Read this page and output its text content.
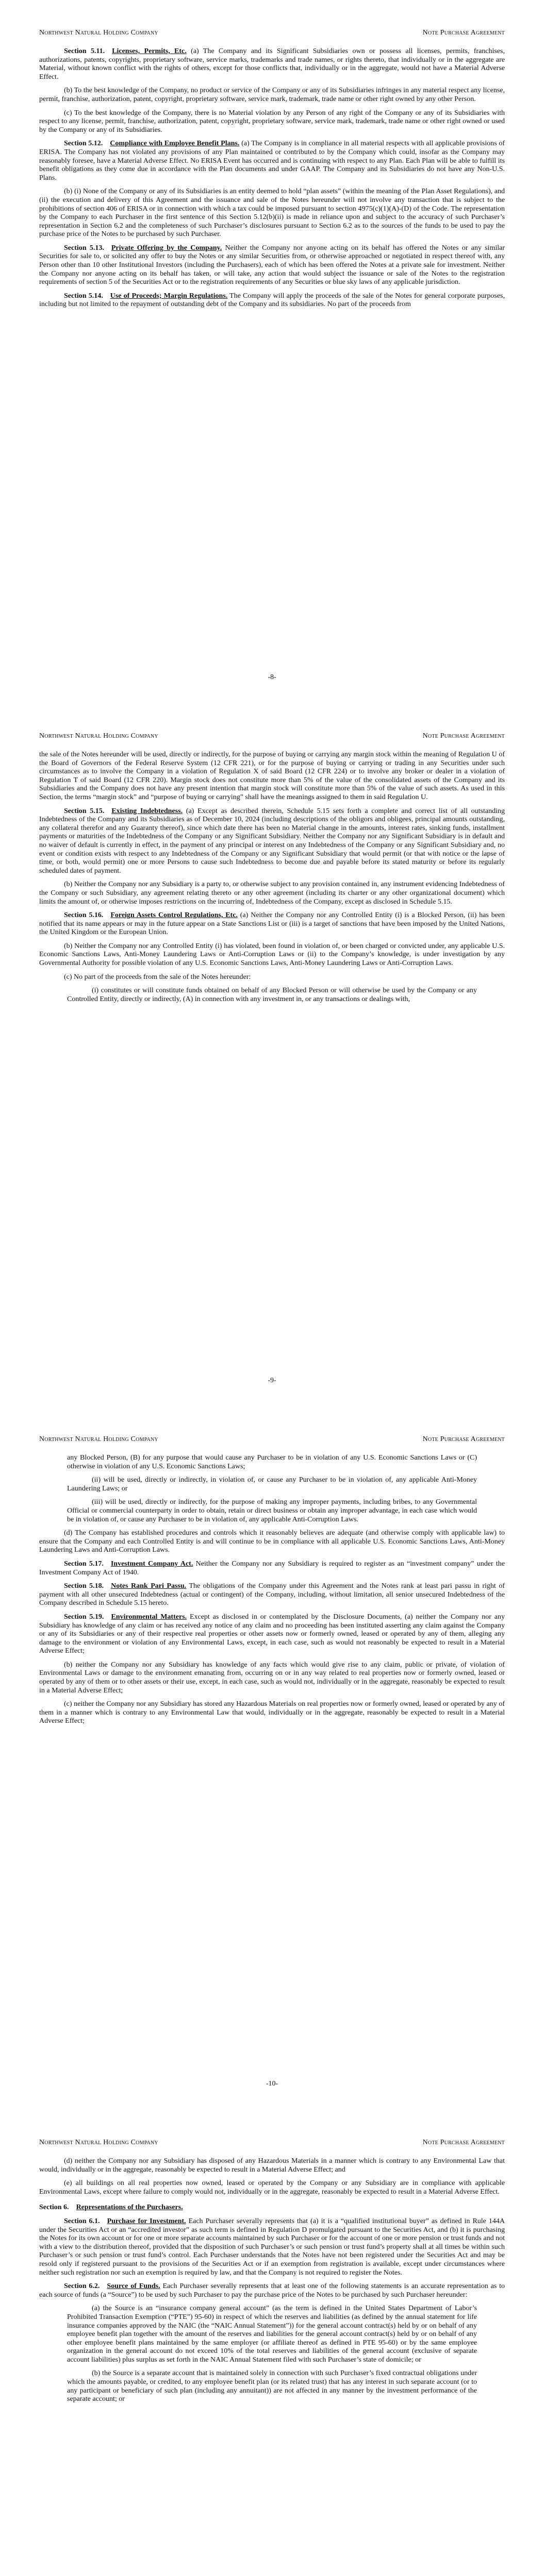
Northwest Natural Holding Company	Note Purchase Agreement

Section 5.11.  Licenses, Permits, Etc. (a) The Company and its Significant Subsidiaries own or possess all licenses, permits, franchises, authorizations, patents, copyrights, proprietary software, service marks, trademarks and trade names, or rights thereto, that individually or in the aggregate are Material, without known conflict with the rights of others, except for those conflicts that, individually or in the aggregate, would not have a Material Adverse Effect.

(b) To the best knowledge of the Company, no product or service of the Company or any of its Subsidiaries infringes in any material respect any license, permit, franchise, authorization, patent, copyright, proprietary software, service mark, trademark, trade name or other right owned by any other Person.

(c) To the best knowledge of the Company, there is no Material violation by any Person of any right of the Company or any of its Subsidiaries with respect to any license, permit, franchise, authorization, patent, copyright, proprietary software, service mark, trademark, trade name or other right owned or used by the Company or any of its Subsidiaries.

Section 5.12.  Compliance with Employee Benefit Plans. (a) The Company is in compliance in all material respects with all applicable provisions of ERISA. The Company has not violated any provisions of any Plan maintained or contributed to by the Company which could, insofar as the Company may reasonably foresee, have a Material Adverse Effect. No ERISA Event has occurred and is continuing with respect to any Plan. Each Plan will be able to fulfill its benefit obligations as they come due in accordance with the Plan documents and under GAAP. The Company and its Subsidiaries do not have any Non-U.S. Plans.

(b) (i) None of the Company or any of its Subsidiaries is an entity deemed to hold “plan assets” (within the meaning of the Plan Asset Regulations), and (ii) the execution and delivery of this Agreement and the issuance and sale of the Notes hereunder will not involve any transaction that is subject to the prohibitions of section 406 of ERISA or in connection with which a tax could be imposed pursuant to section 4975(c)(1)(A)-(D) of the Code. The representation by the Company to each Purchaser in the first sentence of this Section 5.12(b)(ii) is made in reliance upon and subject to the accuracy of such Purchaser’s representation in Section 6.2 and the completeness of such Purchaser’s disclosures pursuant to Section 6.2 as to the sources of the funds to be used to pay the purchase price of the Notes to be purchased by such Purchaser.

Section 5.13.  Private Offering by the Company. Neither the Company nor anyone acting on its behalf has offered the Notes or any similar Securities for sale to, or solicited any offer to buy the Notes or any similar Securities from, or otherwise approached or negotiated in respect thereof with, any Person other than 10 other Institutional Investors (including the Purchasers), each of which has been offered the Notes at a private sale for investment. Neither the Company nor anyone acting on its behalf has taken, or will take, any action that would subject the issuance or sale of the Notes to the registration requirements of section 5 of the Securities Act or to the registration requirements of any Securities or blue sky laws of any applicable jurisdiction.

Section 5.14.  Use of Proceeds; Margin Regulations. The Company will apply the proceeds of the sale of the Notes for general corporate purposes, including but not limited to the repayment of outstanding debt of the Company and its subsidiaries. No part of the proceeds from

-8-
Northwest Natural Holding Company	Note Purchase Agreement

the sale of the Notes hereunder will be used, directly or indirectly, for the purpose of buying or carrying any margin stock within the meaning of Regulation U of the Board of Governors of the Federal Reserve System (12 CFR 221), or for the purpose of buying or carrying or trading in any Securities under such circumstances as to involve the Company in a violation of Regulation X of said Board (12 CFR 224) or to involve any broker or dealer in a violation of Regulation T of said Board (12 CFR 220). Margin stock does not constitute more than 5% of the value of the consolidated assets of the Company and its Subsidiaries and the Company does not have any present intention that margin stock will constitute more than 5% of the value of such assets. As used in this Section, the terms “margin stock” and “purpose of buying or carrying” shall have the meanings assigned to them in said Regulation U.

Section 5.15.  Existing Indebtedness. (a) Except as described therein, Schedule 5.15 sets forth a complete and correct list of all outstanding Indebtedness of the Company and its Subsidiaries as of December 10, 2024 (including descriptions of the obligors and obligees, principal amounts outstanding, any collateral therefor and any Guaranty thereof), since which date there has been no Material change in the amounts, interest rates, sinking funds, installment payments or maturities of the Indebtedness of the Company or any Significant Subsidiary. Neither the Company nor any Significant Subsidiary is in default and no waiver of default is currently in effect, in the payment of any principal or interest on any Indebtedness of the Company or any Significant Subsidiary and, no event or condition exists with respect to any Indebtedness of the Company or any Significant Subsidiary that would permit (or that with notice or the lapse of time, or both, would permit) one or more Persons to cause such Indebtedness to become due and payable before its stated maturity or before its regularly scheduled dates of payment.

(b) Neither the Company nor any Subsidiary is a party to, or otherwise subject to any provision contained in, any instrument evidencing Indebtedness of the Company or such Subsidiary, any agreement relating thereto or any other agreement (including its charter or any other organizational document) which limits the amount of, or otherwise imposes restrictions on the incurring of, Indebtedness of the Company, except as disclosed in Schedule 5.15.

Section 5.16.  Foreign Assets Control Regulations, Etc. (a) Neither the Company nor any Controlled Entity (i) is a Blocked Person, (ii) has been notified that its name appears or may in the future appear on a State Sanctions List or (iii) is a target of sanctions that have been imposed by the United Nations, the United Kingdom or the European Union.

(b) Neither the Company nor any Controlled Entity (i) has violated, been found in violation of, or been charged or convicted under, any applicable U.S. Economic Sanctions Laws, Anti-Money Laundering Laws or Anti-Corruption Laws or (ii) to the Company’s knowledge, is under investigation by any Governmental Authority for possible violation of any U.S. Economic Sanctions Laws, Anti-Money Laundering Laws or Anti-Corruption Laws.

(c) No part of the proceeds from the sale of the Notes hereunder:

(i) constitutes or will constitute funds obtained on behalf of any Blocked Person or will otherwise be used by the Company or any Controlled Entity, directly or indirectly, (A) in connection with any investment in, or any transactions or dealings with,

-9-
Northwest Natural Holding Company	Note Purchase Agreement

any Blocked Person, (B) for any purpose that would cause any Purchaser to be in violation of any U.S. Economic Sanctions Laws or (C) otherwise in violation of any U.S. Economic Sanctions Laws;

(ii) will be used, directly or indirectly, in violation of, or cause any Purchaser to be in violation of, any applicable Anti-Money Laundering Laws; or

(iii) will be used, directly or indirectly, for the purpose of making any improper payments, including bribes, to any Governmental Official or commercial counterparty in order to obtain, retain or direct business or obtain any improper advantage, in each case which would be in violation of, or cause any Purchaser to be in violation of, any applicable Anti-Corruption Laws.

(d) The Company has established procedures and controls which it reasonably believes are adequate (and otherwise comply with applicable law) to ensure that the Company and each Controlled Entity is and will continue to be in compliance with all applicable U.S. Economic Sanctions Laws, Anti-Money Laundering Laws and Anti-Corruption Laws.

Section 5.17.  Investment Company Act. Neither the Company nor any Subsidiary is required to register as an “investment company” under the Investment Company Act of 1940.

Section 5.18.  Notes Rank Pari Passu. The obligations of the Company under this Agreement and the Notes rank at least pari passu in right of payment with all other unsecured Indebtedness (actual or contingent) of the Company, including, without limitation, all senior unsecured Indebtedness of the Company described in Schedule 5.15 hereto.

Section 5.19.  Environmental Matters. Except as disclosed in or contemplated by the Disclosure Documents, (a) neither the Company nor any Subsidiary has knowledge of any claim or has received any notice of any claim and no proceeding has been instituted asserting any claim against the Company or any of its Subsidiaries or any of their respective real properties or other assets now or formerly owned, leased or operated by any of them, alleging any damage to the environment or violation of any Environmental Laws, except, in each case, such as would not reasonably be expected to result in a Material Adverse Effect;

(b) neither the Company nor any Subsidiary has knowledge of any facts which would give rise to any claim, public or private, of violation of Environmental Laws or damage to the environment emanating from, occurring on or in any way related to real properties now or formerly owned, leased or operated by any of them or to other assets or their use, except, in each case, such as would not, individually or in the aggregate, reasonably be expected to result in a Material Adverse Effect;

(c) neither the Company nor any Subsidiary has stored any Hazardous Materials on real properties now or formerly owned, leased or operated by any of them in a manner which is contrary to any Environmental Law that would, individually or in the aggregate, reasonably be expected to result in a Material Adverse Effect;

-10-
Northwest Natural Holding Company	Note Purchase Agreement

(d) neither the Company nor any Subsidiary has disposed of any Hazardous Materials in a manner which is contrary to any Environmental Law that would, individually or in the aggregate, reasonably be expected to result in a Material Adverse Effect; and

(e) all buildings on all real properties now owned, leased or operated by the Company or any Subsidiary are in compliance with applicable Environmental Laws, except where failure to comply would not, individually or in the aggregate, reasonably be expected to result in a Material Adverse Effect.

Section 6.  Representations of the Purchasers.

Section 6.1.  Purchase for Investment. Each Purchaser severally represents that (a) it is a “qualified institutional buyer” as defined in Rule 144A under the Securities Act or an “accredited investor” as such term is defined in Regulation D promulgated pursuant to the Securities Act, and (b) it is purchasing the Notes for its own account or for one or more separate accounts maintained by such Purchaser or for the account of one or more pension or trust funds and not with a view to the distribution thereof, provided that the disposition of such Purchaser’s or such pension or trust fund’s property shall at all times be within such Purchaser’s or such pension or trust fund’s control. Each Purchaser understands that the Notes have not been registered under the Securities Act and may be resold only if registered pursuant to the provisions of the Securities Act or if an exemption from registration is available, except under circumstances where neither such registration nor such an exemption is required by law, and that the Company is not required to register the Notes.

Section 6.2.  Source of Funds. Each Purchaser severally represents that at least one of the following statements is an accurate representation as to each source of funds (a “Source”) to be used by such Purchaser to pay the purchase price of the Notes to be purchased by such Purchaser hereunder:

(a) the Source is an “insurance company general account” (as the term is defined in the United States Department of Labor’s Prohibited Transaction Exemption (“PTE”) 95-60) in respect of which the reserves and liabilities (as defined by the annual statement for life insurance companies approved by the NAIC (the “NAIC Annual Statement”)) for the general account contract(s) held by or on behalf of any employee benefit plan together with the amount of the reserves and liabilities for the general account contract(s) held by or on behalf of any other employee benefit plans maintained by the same employer (or affiliate thereof as defined in PTE 95-60) or by the same employee organization in the general account do not exceed 10% of the total reserves and liabilities of the general account (exclusive of separate account liabilities) plus surplus as set forth in the NAIC Annual Statement filed with such Purchaser’s state of domicile; or

(b) the Source is a separate account that is maintained solely in connection with such Purchaser’s fixed contractual obligations under which the amounts payable, or credited, to any employee benefit plan (or its related trust) that has any interest in such separate account (or to any participant or beneficiary of such plan (including any annuitant)) are not affected in any manner by the investment performance of the separate account; or
